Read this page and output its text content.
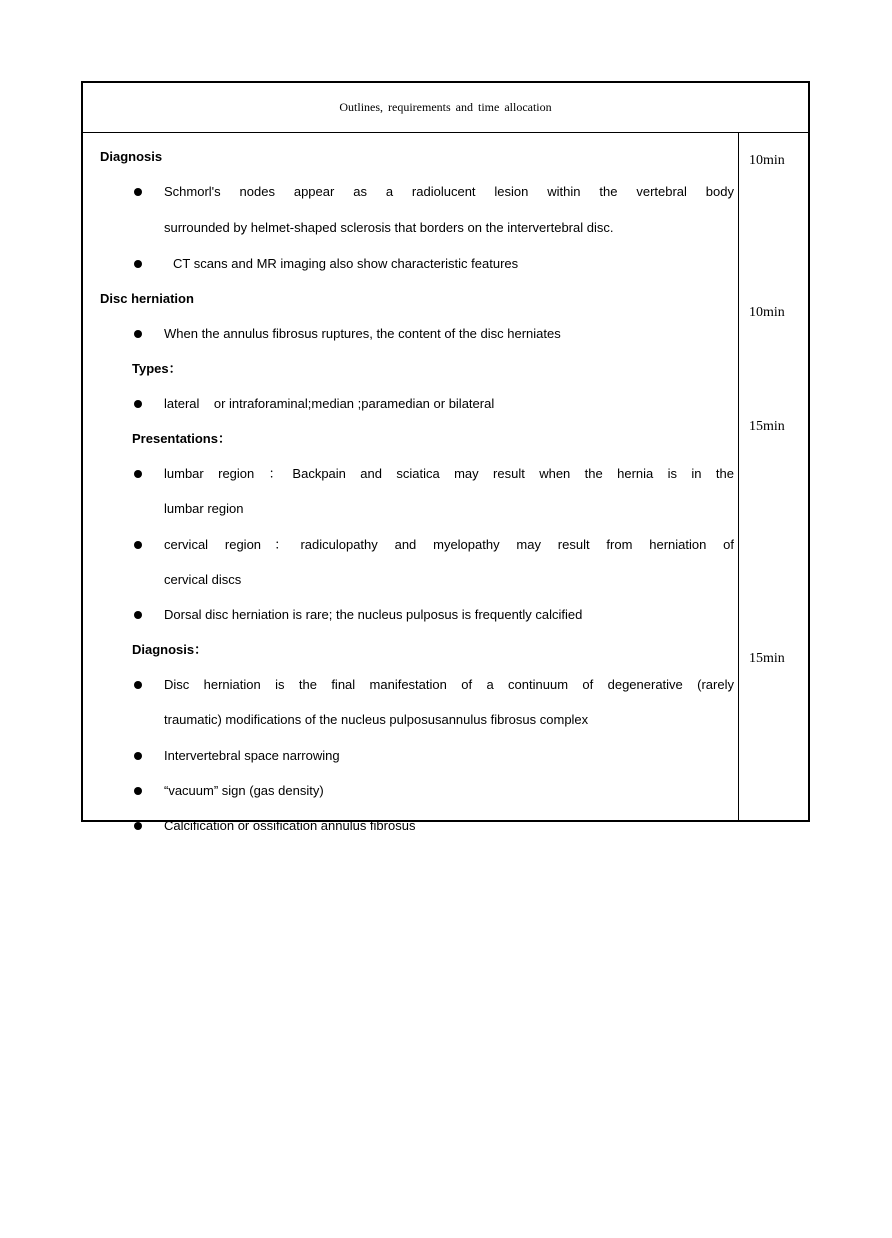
Outlines, requirements and time allocation
Diagnosis
Schmorl's nodes appear as a radiolucent lesion within the vertebral body
surrounded by helmet-shaped sclerosis that borders on the intervertebral disc.
CT scans and MR imaging also show characteristic features
Disc herniation
When the annulus fibrosus ruptures, the content of the disc herniates
Types：
lateral    or intraforaminal;median ;paramedian or bilateral
Presentations：
lumbar region ：Backpain and sciatica may result when the hernia is in the
lumbar region
cervical region：radiculopathy and myelopathy may result from herniation of
cervical discs
Dorsal disc herniation is rare; the nucleus pulposus is frequently calcified
Diagnosis：
Disc herniation is the final manifestation of a continuum of degenerative (rarely
traumatic) modifications of the nucleus pulposusannulus fibrosus complex
Intervertebral space narrowing
“vacuum” sign (gas density)
Calcification or ossification annulus fibrosus
10min
10min
15min
15min
